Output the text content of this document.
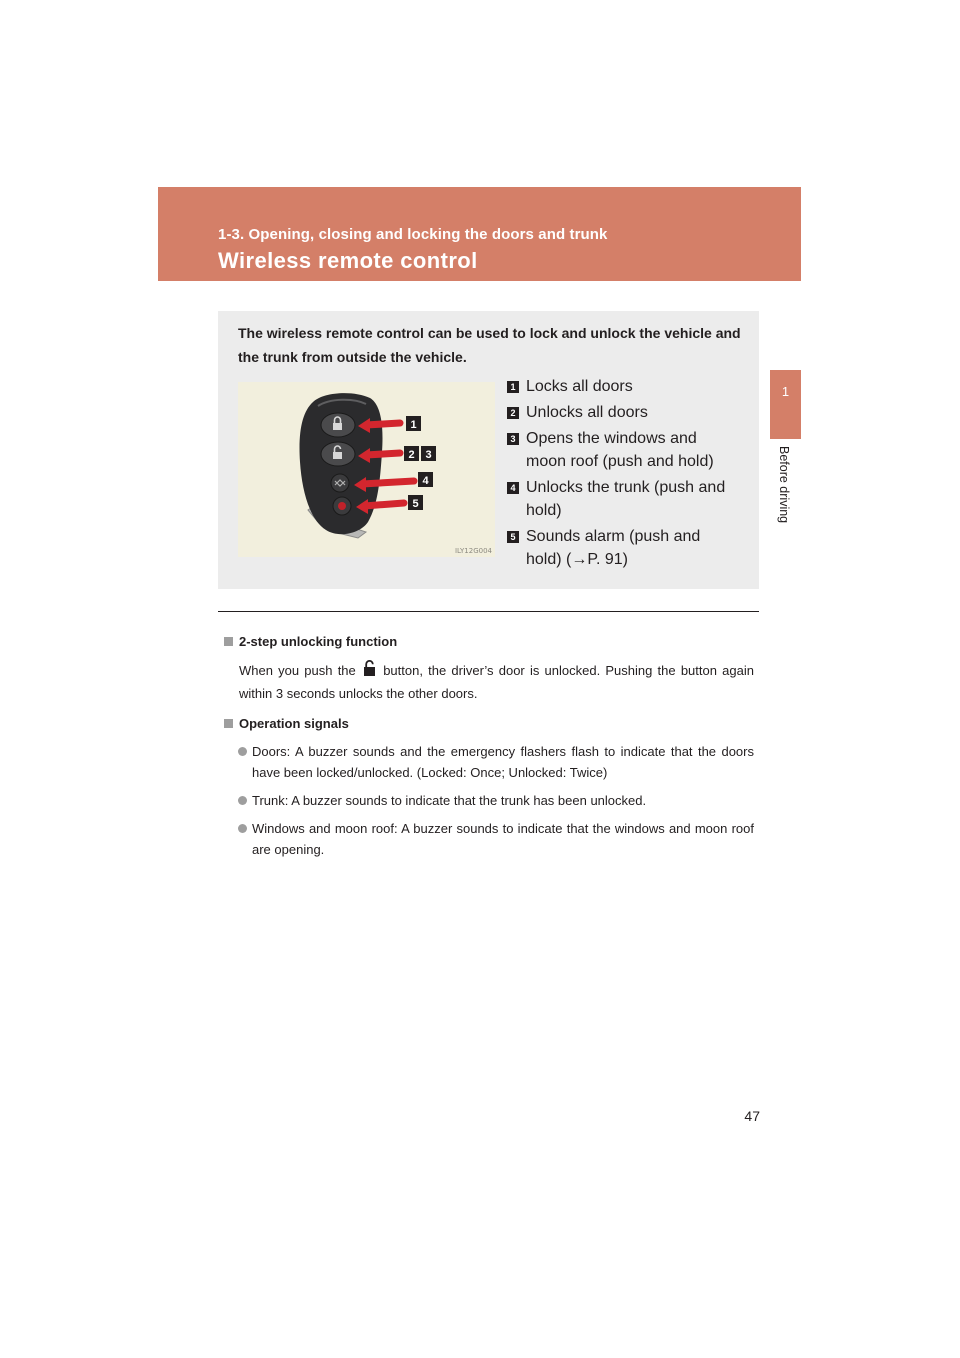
1-3. Opening, closing and locking the doors and trunk
Wireless remote control
1
Before driving
The wireless remote control can be used to lock and unlock the vehicle and the trunk from outside the vehicle.
1
2 3
4
5
ILY12G004
1 Locks all doors
2 Unlocks all doors
3 Opens the windows and moon roof (push and hold)
4 Unlocks the trunk (push and hold)
5 Sounds alarm (push and hold) (→P. 91)
2-step unlocking function
When you push the button, the driver’s door is unlocked. Pushing the button again within 3 seconds unlocks the other doors.
Operation signals
Doors: A buzzer sounds and the emergency flashers flash to indicate that the doors have been locked/unlocked. (Locked: Once; Unlocked: Twice)
Trunk: A buzzer sounds to indicate that the trunk has been unlocked.
Windows and moon roof: A buzzer sounds to indicate that the windows and moon roof are opening.
47
